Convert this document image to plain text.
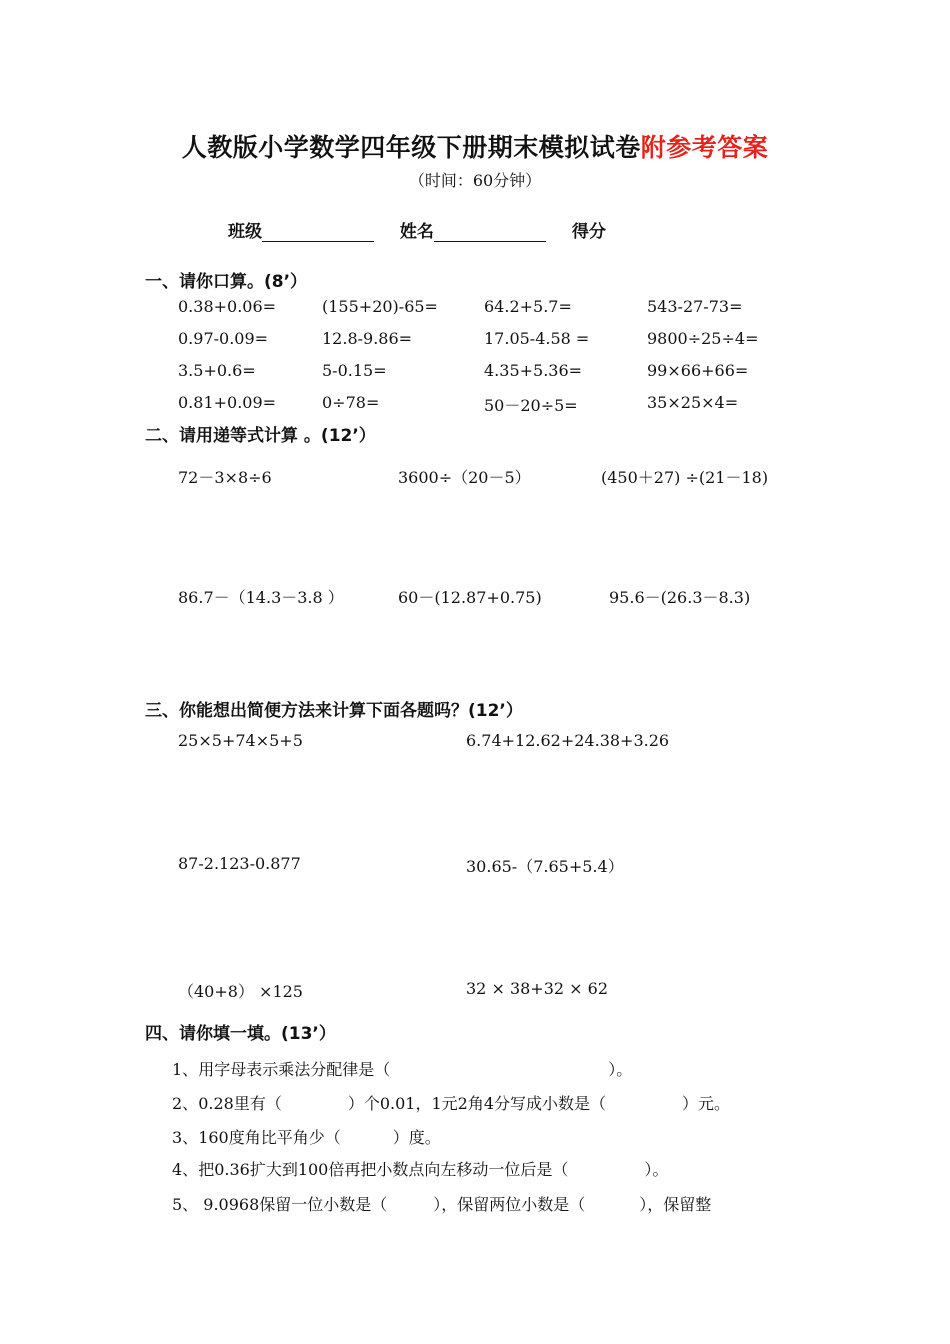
人教版小学数学四年级下册期末模拟试卷附参考答案
（时间：60分钟）
班级	姓名	得分
一、请你口算。(8’）
0.38+0.06=	(155+20)-65=	64.2+5.7=	543-27-73=
0.97-0.09=	12.8-9.86=	17.05-4.58 =	9800÷25÷4=
3.5+0.6=	5-0.15=	4.35+5.36=	99×66+66=
0.81+0.09=	0÷78=	50－20÷5=	35×25×4=
二、请用递等式计算 。(12’）
72－3×8÷6	3600÷（20－5）	(450＋27) ÷(21－18)
86.7－（14.3－3.8 ）	60－(12.87+0.75)	95.6－(26.3－8.3)
三、你能想出简便方法来计算下面各题吗？(12’）
25×5+74×5+5	6.74+12.62+24.38+3.26
87-2.123-0.877	30.65-（7.65+5.4）
（40+8） ×125	32 × 38+32 × 62
四、请你填一填。(13’）
1、用字母表示乘法分配律是（	）。
2、0.28里有（	）个0.01，1元2角4分写成小数是（	）元。
3、160度角比平角少（	）度。
4、把0.36扩大到100倍再把小数点向左移动一位后是（	）。
5、 9.0968保留一位小数是（	），保留两位小数是（	），保留整
